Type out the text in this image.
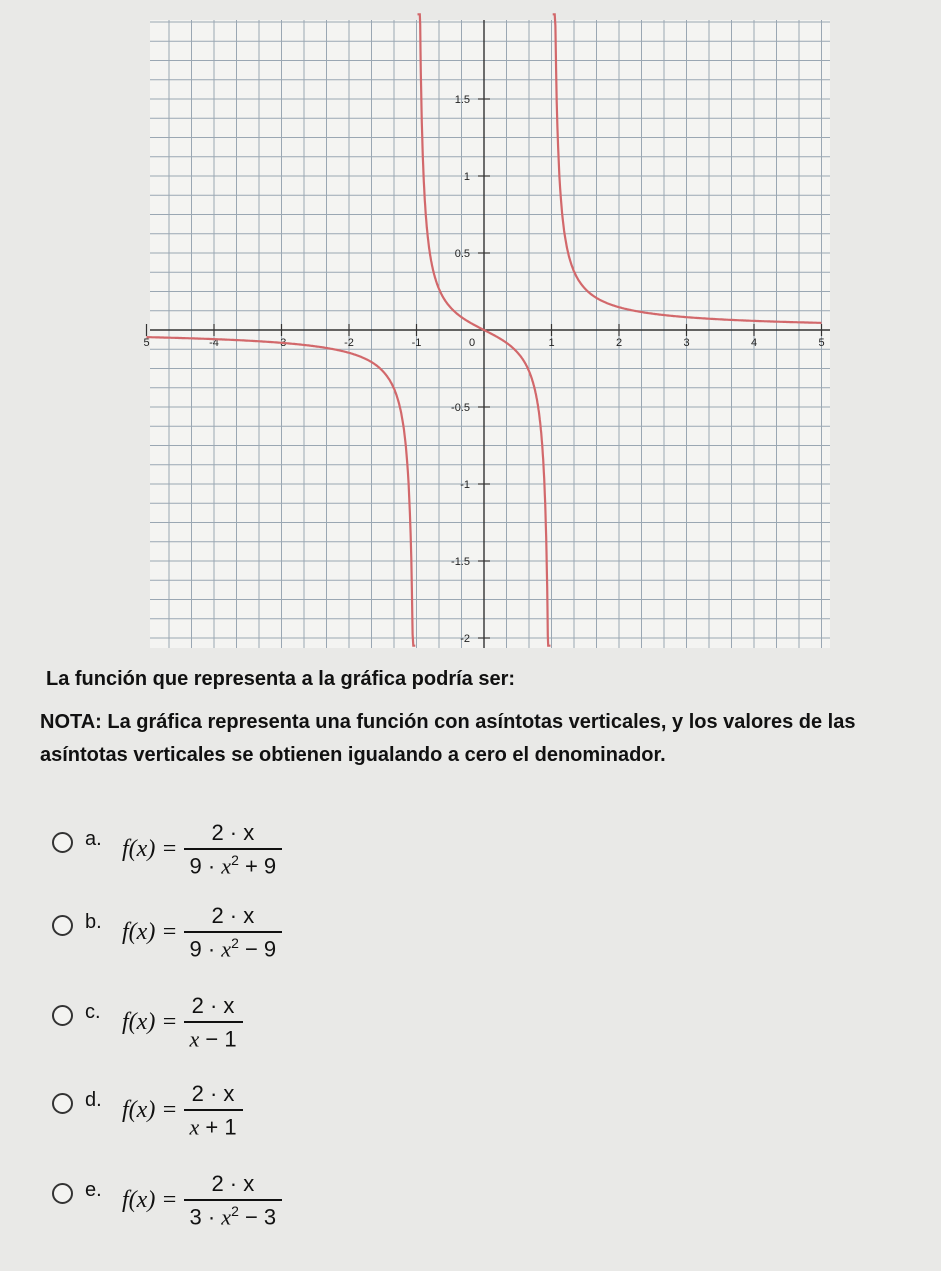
5	-4	-3	-2	-1	0	1	2	3	4	5
1.5
1
0.5
-0.5
-1
-1.5
-2
La función que representa a la gráfica podría ser:
NOTA: La gráfica representa una función con asíntotas verticales, y los valores de las asíntotas verticales se obtienen igualando a cero el denominador.
a. $f(x) = \frac{2 \cdot x}{9 \cdot x^2 + 9}$
b. $f(x) = \frac{2 \cdot x}{9 \cdot x^2 - 9}$
c. $f(x) = \frac{2 \cdot x}{x - 1}$
d. $f(x) = \frac{2 \cdot x}{x + 1}$
e. $f(x) = \frac{2 \cdot x}{3 \cdot x^2 - 3}$
